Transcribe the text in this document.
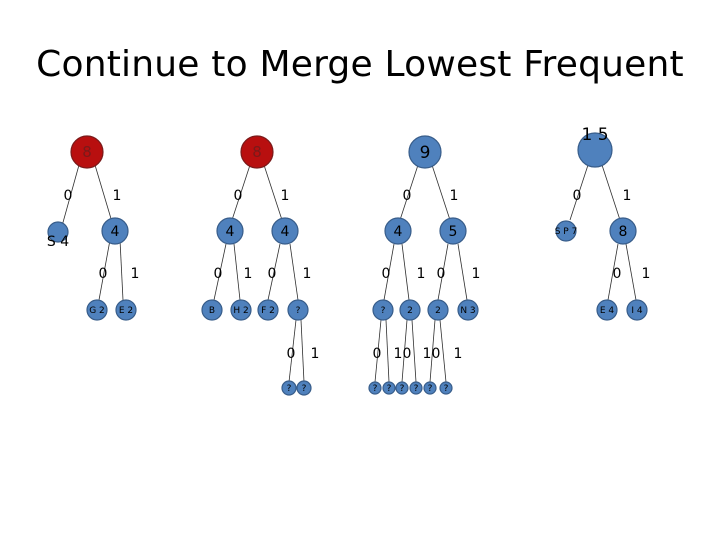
Continue to Merge Lowest Frequent
8
0	1
S 4
4
0 1
G 2 E 2
8
0	1
4	4
0 1 0 1
B H 2 F 2 ?
0 1
? ?
9
0	1
4	5
0 1 0 1
? 2 2 N 3
0 1 0 1 0 1
? ? ? ? ? ?
1 5
0	1
S P 7	8
0 1
E 4 I 4
